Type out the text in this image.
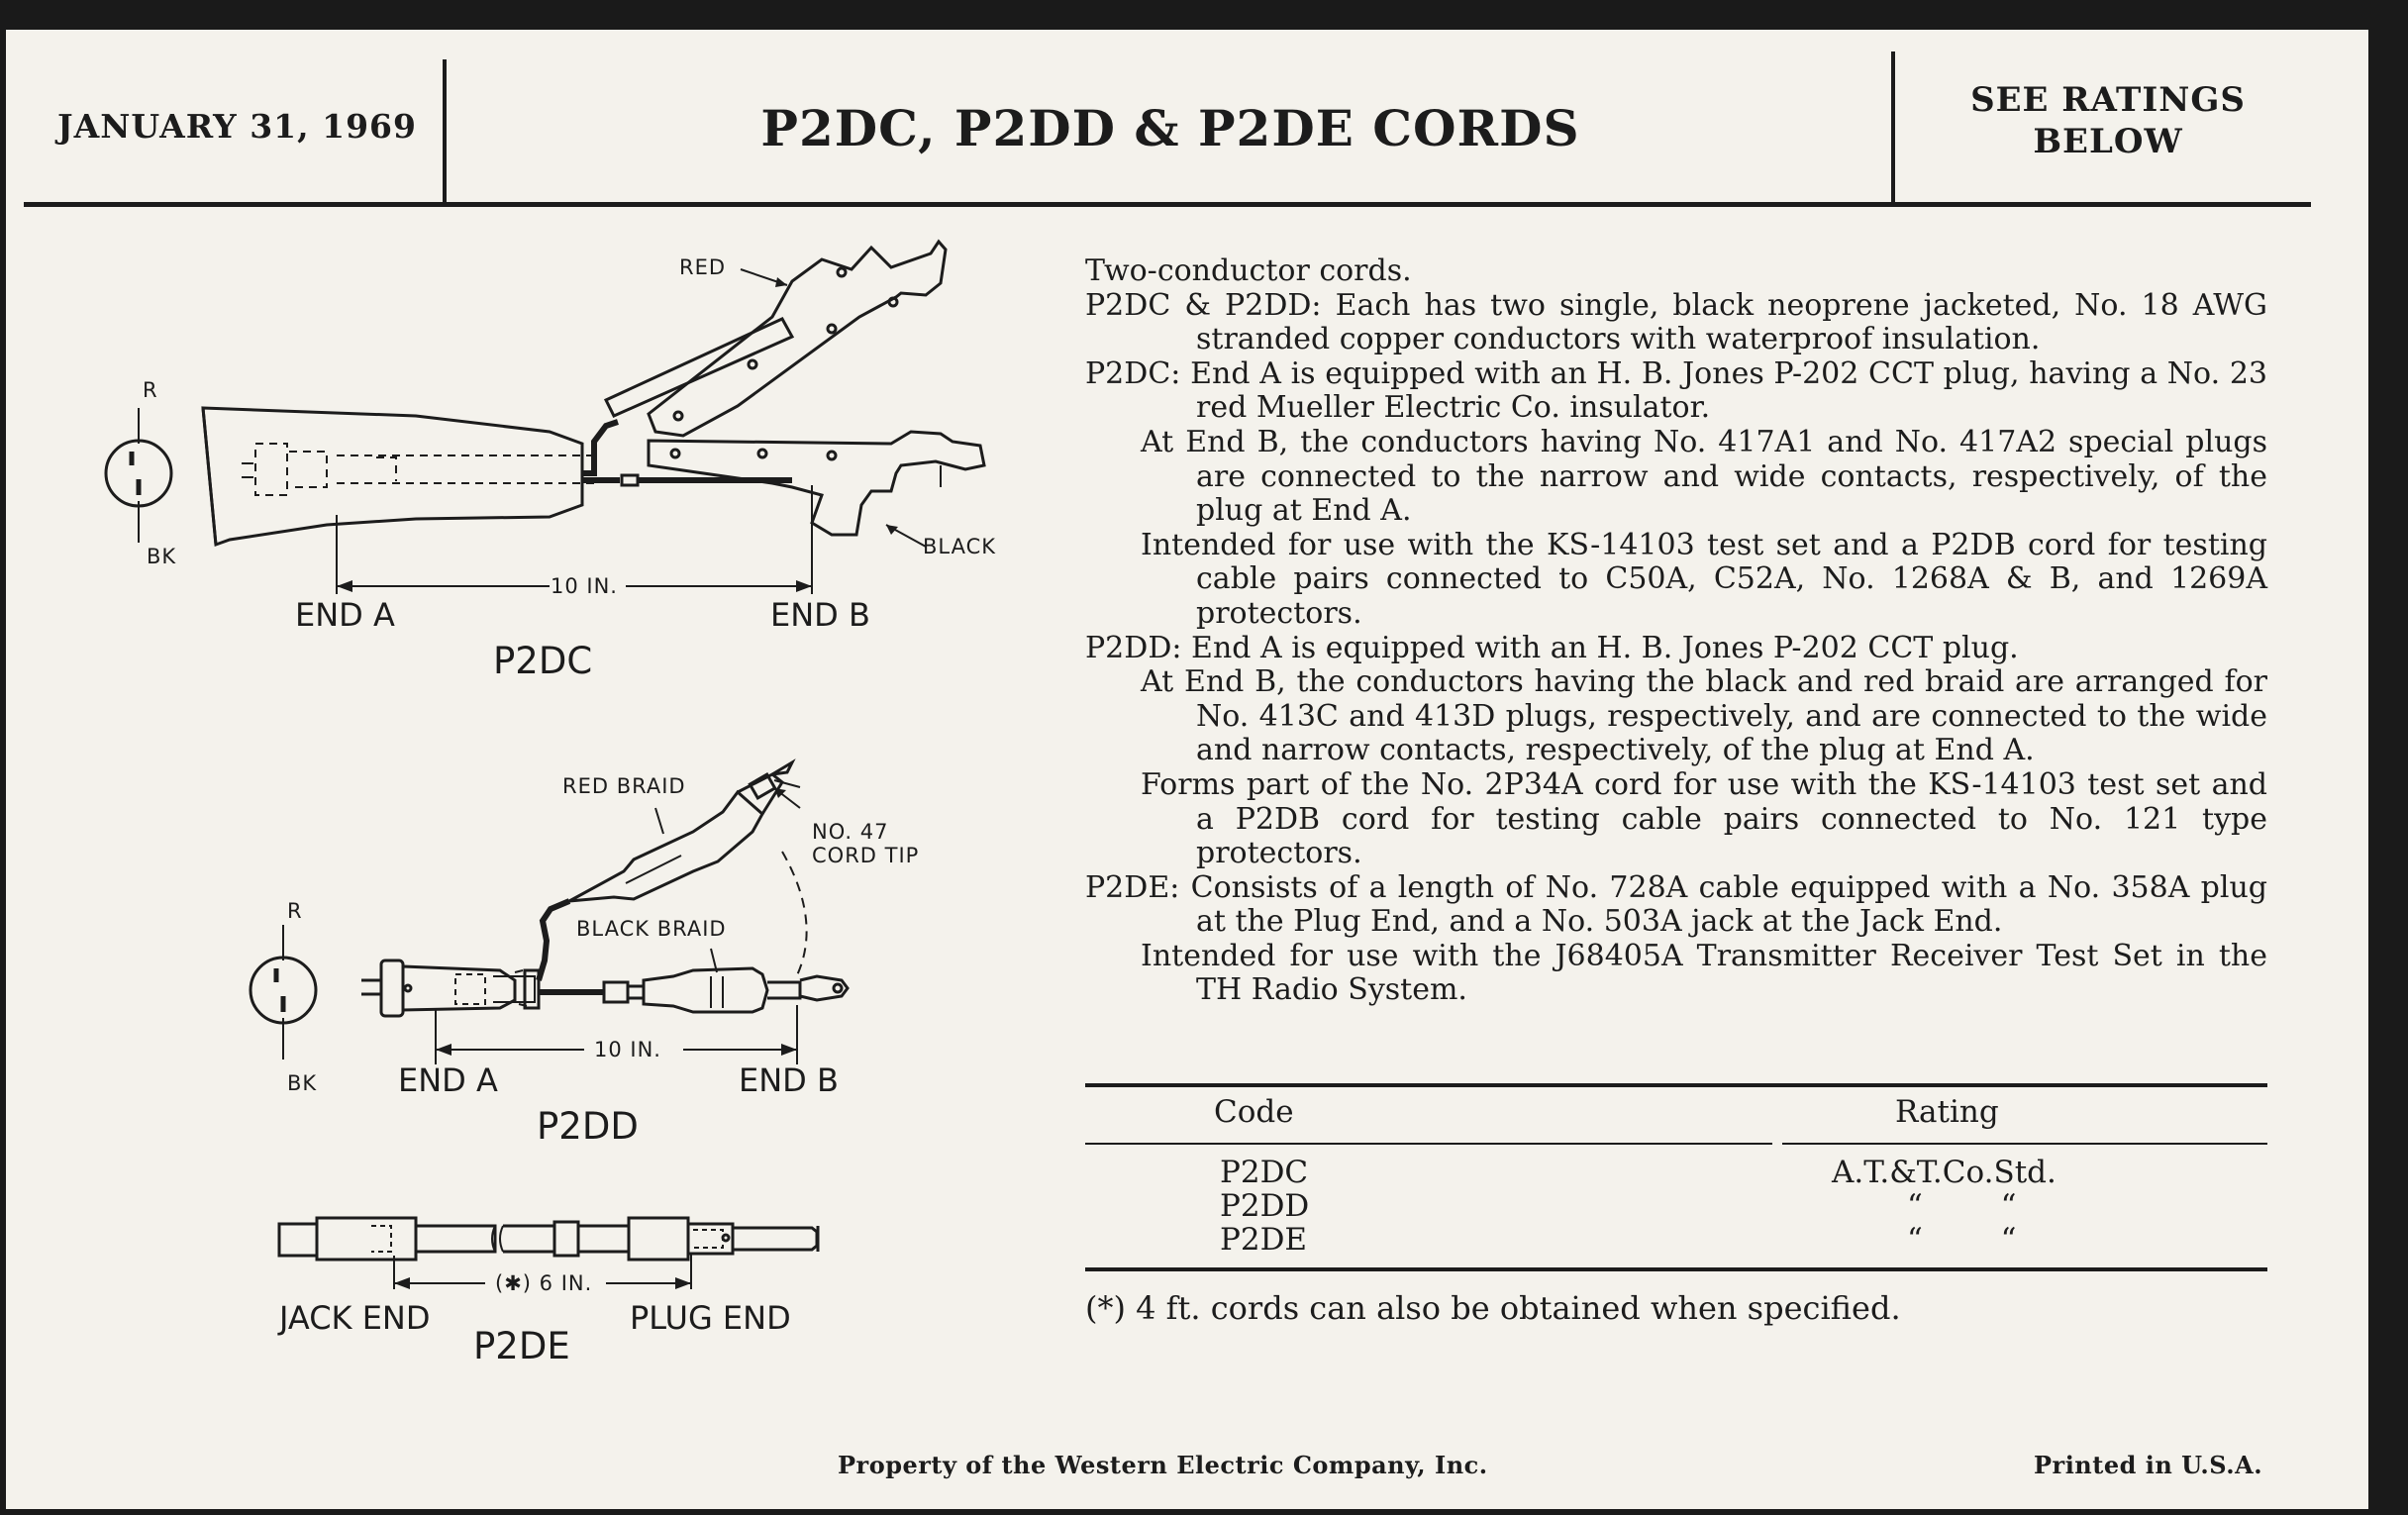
JANUARY 31, 1969	P2DC, P2DD & P2DE CORDS	SEE RATINGS
BELOW
RED
R
BK	BLACK
10 IN.
END A	END B
P2DC
RED BRAID
NO. 47
CORD TIP
BLACK BRAID
R
BK
10 IN.
END A	END B
P2DD
(✱) 6 IN.
JACK END	PLUG END
P2DE

Two-conductor cords.

P2DC & P2DD: Each has two single, black neoprene jacketed, No. 18 AWG stranded copper conductors with waterproof insulation.

P2DC: End A is equipped with an H. B. Jones P-202 CCT plug, having a No. 23 red Mueller Electric Co. insulator.

At End B, the conductors having No. 417A1 and No. 417A2 special plugs are connected to the narrow and wide contacts, respectively, of the plug at End A.

Intended for use with the KS-14103 test set and a P2DB cord for testing cable pairs connected to C50A, C52A, No. 1268A & B, and 1269A protectors.

P2DD: End A is equipped with an H. B. Jones P-202 CCT plug.

At End B, the conductors having the black and red braid are arranged for No. 413C and 413D plugs, respectively, and are connected to the wide and narrow contacts, respectively, of the plug at End A.

Forms part of the No. 2P34A cord for use with the KS-14103 test set and a P2DB cord for testing cable pairs connected to No. 121 type protectors.

P2DE: Consists of a length of No. 728A cable equipped with a No. 358A plug at the Plug End, and a No. 503A jack at the Jack End.

Intended for use with the J68405A Transmitter Receiver Test Set in the TH Radio System.

Code	Rating
P2DC	A.T.&T.Co.Std.
P2DD	“        “
P2DE	“        “
(*) 4 ft. cords can also be obtained when specified.
Property of the Western Electric Company, Inc.	Printed in U.S.A.
